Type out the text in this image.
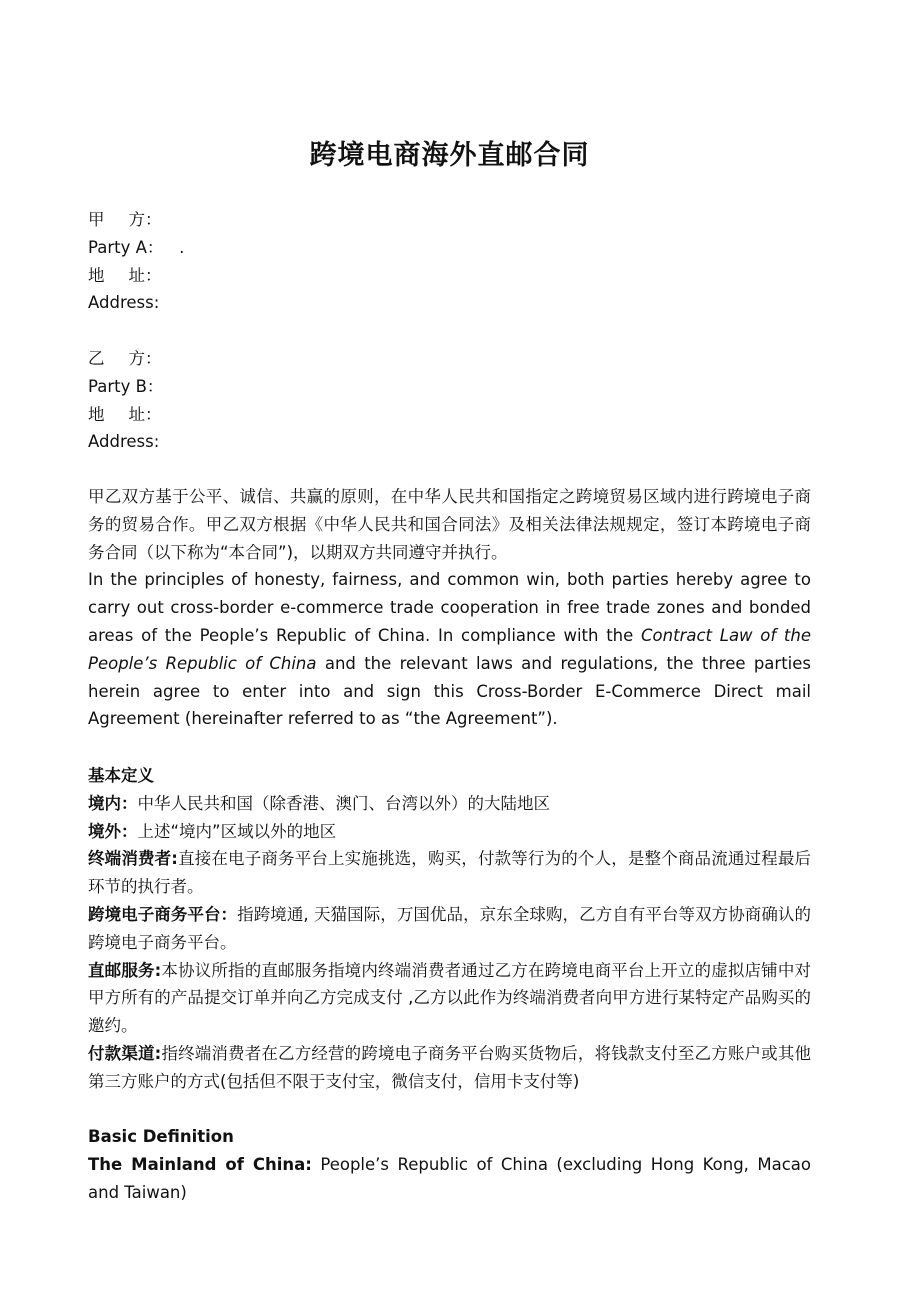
跨境电商海外直邮合同
甲 方：
Party A： .
地 址：
Address:
乙 方：
Party B：
地 址：
Address:
甲乙双方基于公平、诚信、共赢的原则，在中华人民共和国指定之跨境贸易区域内进行跨境电子商务的贸易合作。甲乙双方根据《中华人民共和国合同法》及相关法律法规规定，签订本跨境电子商务合同（以下称为“本合同”)，以期双方共同遵守并执行。
In the principles of honesty, fairness, and common win, both parties hereby agree to carry out cross-border e-commerce trade cooperation in free trade zones and bonded areas of the People’s Republic of China. In compliance with the Contract Law of the People’s Republic of China and the relevant laws and regulations, the three parties herein agree to enter into and sign this Cross-Border E-Commerce Direct mail Agreement (hereinafter referred to as “the Agreement”).
基本定义
境内：中华人民共和国（除香港、澳门、台湾以外）的大陆地区
境外：上述“境内”区域以外的地区
终端消费者:直接在电子商务平台上实施挑选，购买，付款等行为的个人，是整个商品流通过程最后环节的执行者。
跨境电子商务平台：指跨境通, 天猫国际，万国优品，京东全球购，乙方自有平台等双方协商确认的跨境电子商务平台。
直邮服务:本协议所指的直邮服务指境内终端消费者通过乙方在跨境电商平台上开立的虚拟店铺中对甲方所有的产品提交订单并向乙方完成支付 ,乙方以此作为终端消费者向甲方进行某特定产品购买的邀约。
付款渠道:指终端消费者在乙方经营的跨境电子商务平台购买货物后，将钱款支付至乙方账户或其他第三方账户的方式(包括但不限于支付宝，微信支付，信用卡支付等)
Basic Definition
The Mainland of China: People’s Republic of China (excluding Hong Kong, Macao and Taiwan)
